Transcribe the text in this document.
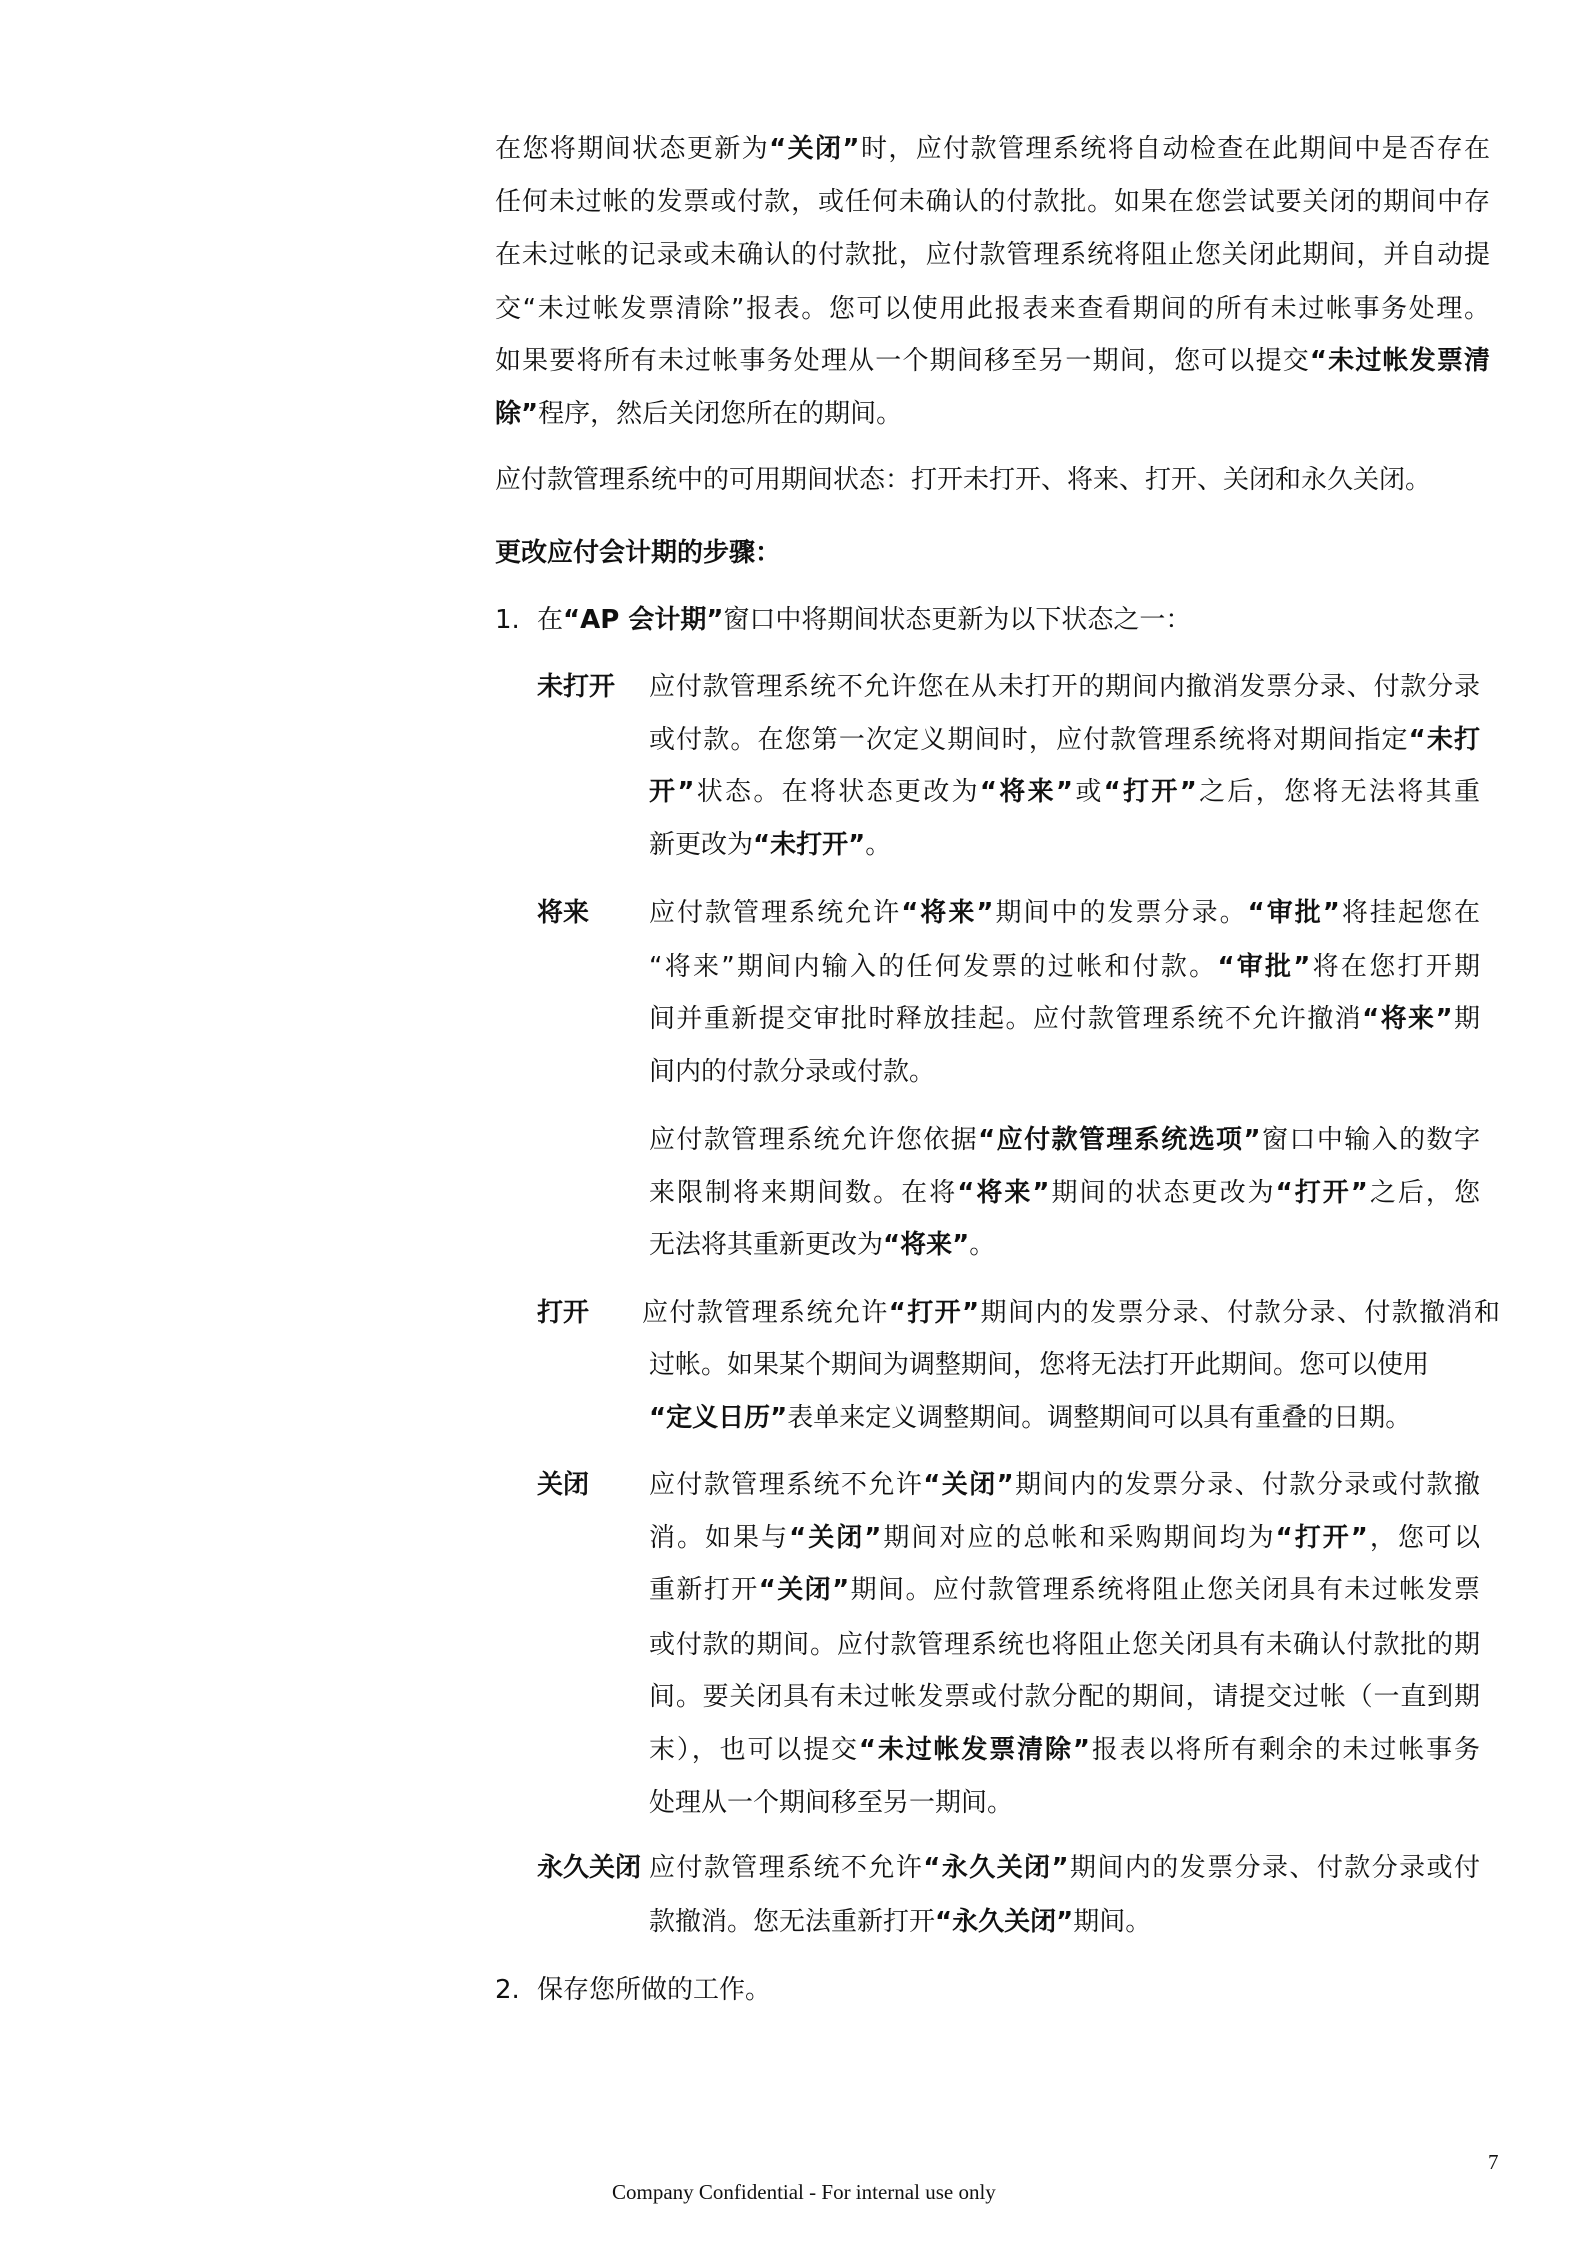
1.
未打开
将来
打开
关闭
永久关闭
2.
7
Company Confidential - For internal use only
在您将期间状态更新为“关闭”时，应付款管理系统将自动检查在此期间中是否存在
任何未过帐的发票或付款，或任何未确认的付款批。如果在您尝试要关闭的期间中存
在未过帐的记录或未确认的付款批，应付款管理系统将阻止您关闭此期间，并自动提
交“未过帐发票清除”报表。您可以使用此报表来查看期间的所有未过帐事务处理。
如果要将所有未过帐事务处理从一个期间移至另一期间，您可以提交“未过帐发票清
除”程序，然后关闭您所在的期间。
应付款管理系统中的可用期间状态：打开未打开、将来、打开、关闭和永久关闭。
更改应付会计期的步骤：
在“AP 会计期”窗口中将期间状态更新为以下状态之一：
应付款管理系统不允许您在从未打开的期间内撤消发票分录、付款分录
或付款。在您第一次定义期间时，应付款管理系统将对期间指定“未打
开”状态。在将状态更改为“将来”或“打开”之后，您将无法将其重
新更改为“未打开”。
应付款管理系统允许“将来”期间中的发票分录。“审批”将挂起您在
“将来”期间内输入的任何发票的过帐和付款。“审批”将在您打开期
间并重新提交审批时释放挂起。应付款管理系统不允许撤消“将来”期
间内的付款分录或付款。
应付款管理系统允许您依据“应付款管理系统选项”窗口中输入的数字
来限制将来期间数。在将“将来”期间的状态更改为“打开”之后，您
无法将其重新更改为“将来”。
应付款管理系统允许“打开”期间内的发票分录、付款分录、付款撤消和
过帐。如果某个期间为调整期间，您将无法打开此期间。您可以使用
“定义日历”表单来定义调整期间。调整期间可以具有重叠的日期。
应付款管理系统不允许“关闭”期间内的发票分录、付款分录或付款撤
消。如果与“关闭”期间对应的总帐和采购期间均为“打开”，您可以
重新打开“关闭”期间。应付款管理系统将阻止您关闭具有未过帐发票
或付款的期间。应付款管理系统也将阻止您关闭具有未确认付款批的期
间。要关闭具有未过帐发票或付款分配的期间，请提交过帐（一直到期
末），也可以提交“未过帐发票清除”报表以将所有剩余的未过帐事务
处理从一个期间移至另一期间。
应付款管理系统不允许“永久关闭”期间内的发票分录、付款分录或付
款撤消。您无法重新打开“永久关闭”期间。
保存您所做的工作。
